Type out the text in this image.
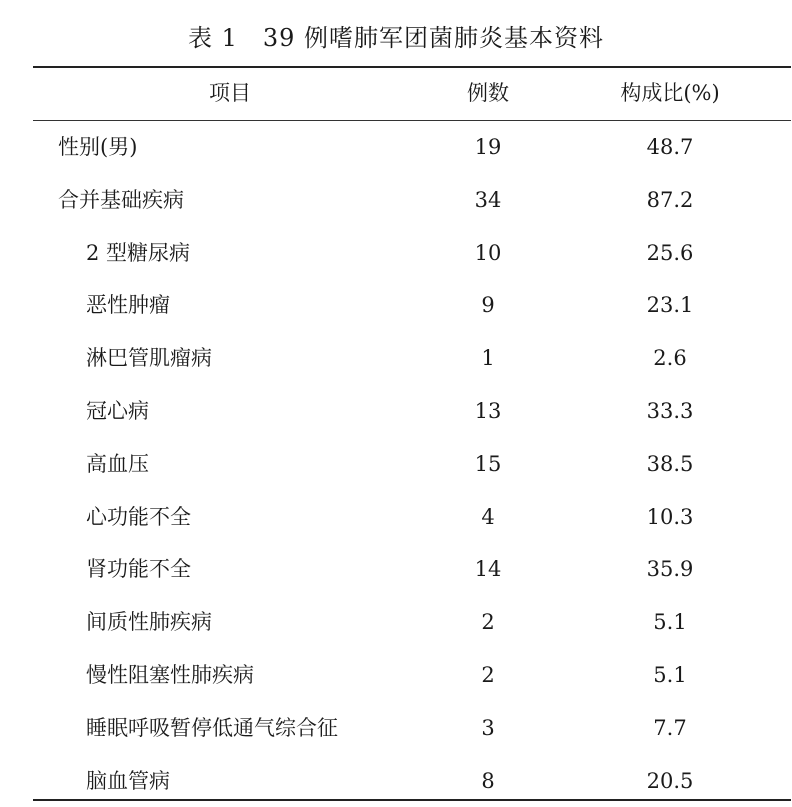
表 1　39 例嗜肺军团菌肺炎基本资料
项目	例数	构成比(%)
性别(男)	19	48.7
合并基础疾病	34	87.2
2 型糖尿病	10	25.6
恶性肿瘤	9	23.1
淋巴管肌瘤病	1	2.6
冠心病	13	33.3
高血压	15	38.5
心功能不全	4	10.3
肾功能不全	14	35.9
间质性肺疾病	2	5.1
慢性阻塞性肺疾病	2	5.1
睡眠呼吸暂停低通气综合征	3	7.7
脑血管病	8	20.5
